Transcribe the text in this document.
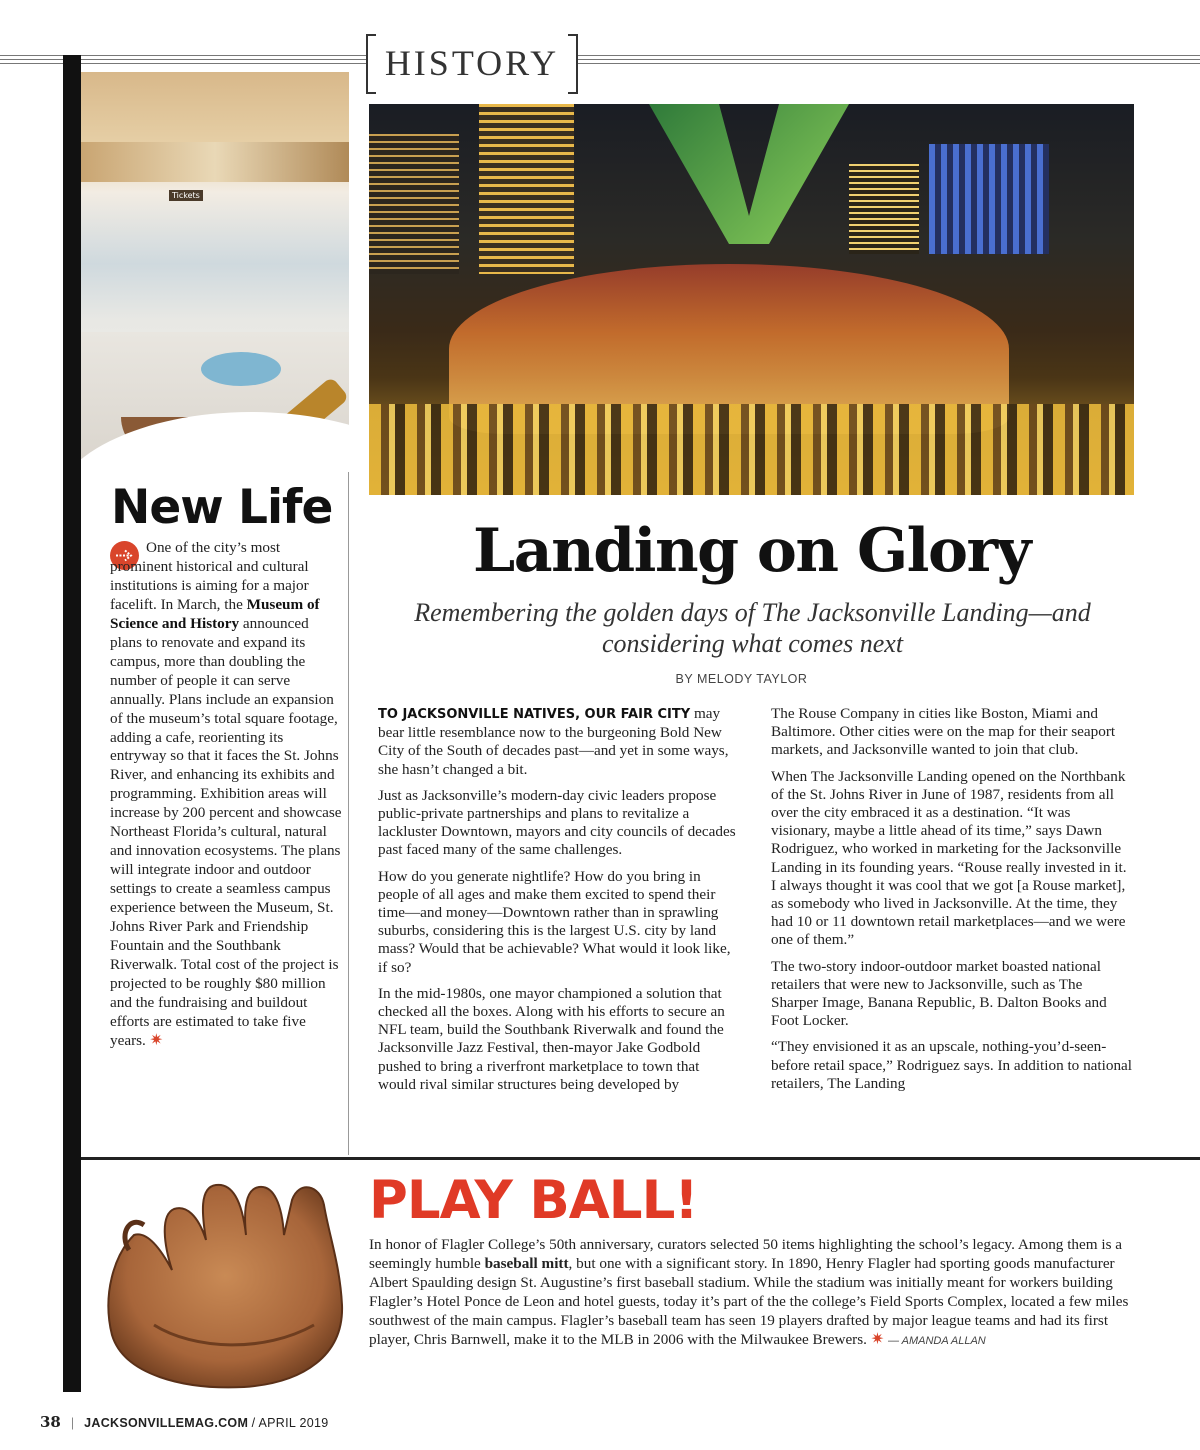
HISTORY
Tickets
New Life
One of the city’s most prominent historical and cultural institutions is aiming for a major facelift. In March, the Museum of Science and History announced plans to renovate and expand its campus, more than doubling the number of people it can serve annually. Plans include an expansion of the museum’s total square footage, adding a cafe, reorienting its entryway so that it faces the St. Johns River, and enhancing its exhibits and programming. Exhibition areas will increase by 200 percent and showcase Northeast Florida’s cultural, natural and innovation ecosystems. The plans will integrate indoor and outdoor settings to create a seamless campus experience between the Museum, St. Johns River Park and Friendship Fountain and the Southbank Riverwalk. Total cost of the project is projected to be roughly $80 million and the fundraising and buildout efforts are estimated to take five years. ✷
Landing on Glory
Remembering the golden days of The Jacksonville Landing—and considering what comes next
BY MELODY TAYLOR

TO JACKSONVILLE NATIVES, OUR FAIR CITY may bear little resemblance now to the burgeoning Bold New City of the South of decades past—and yet in some ways, she hasn’t changed a bit.

Just as Jacksonville’s modern-day civic leaders propose public-private partnerships and plans to revitalize a lackluster Downtown, mayors and city councils of decades past faced many of the same challenges.

How do you generate nightlife? How do you bring in people of all ages and make them excited to spend their time—and money—Downtown rather than in sprawling suburbs, considering this is the largest U.S. city by land mass? Would that be achievable? What would it look like, if so?

In the mid-1980s, one mayor championed a solution that checked all the boxes. Along with his efforts to secure an NFL team, build the Southbank Riverwalk and found the Jacksonville Jazz Festival, then-mayor Jake Godbold pushed to bring a riverfront marketplace to town that would rival similar structures being developed by

The Rouse Company in cities like Boston, Miami and Baltimore. Other cities were on the map for their seaport markets, and Jacksonville wanted to join that club.

When The Jacksonville Landing opened on the Northbank of the St. Johns River in June of 1987, residents from all over the city embraced it as a destination. “It was visionary, maybe a little ahead of its time,” says Dawn Rodriguez, who worked in marketing for the Jacksonville Landing in its founding years. “Rouse really invested in it. I always thought it was cool that we got [a Rouse market], as somebody who lived in Jacksonville. At the time, they had 10 or 11 downtown retail marketplaces—and we were one of them.”

The two-story indoor-outdoor market boasted national retailers that were new to Jacksonville, such as The Sharper Image, Banana Republic, B. Dalton Books and Foot Locker.

“They envisioned it as an upscale, nothing-you’d-seen-before retail space,” Rodriguez says. In addition to national retailers, The Landing

PLAY BALL!
In honor of Flagler College’s 50th anniversary, curators selected 50 items highlighting the school’s legacy. Among them is a seemingly humble baseball mitt, but one with a significant story. In 1890, Henry Flagler had sporting goods manufacturer Albert Spaulding design St. Augustine’s first baseball stadium. While the stadium was initially meant for workers building Flagler’s Hotel Ponce de Leon and hotel guests, today it’s part of the the college’s Field Sports Complex, located a few miles southwest of the main campus. Flagler’s baseball team has seen 19 players drafted by major league teams and had its first player, Chris Barnwell, make it to the MLB in 2006 with the Milwaukee Brewers. ✷ — AMANDA ALLAN
38 | JACKSONVILLEMAG.COM / APRIL 2019
